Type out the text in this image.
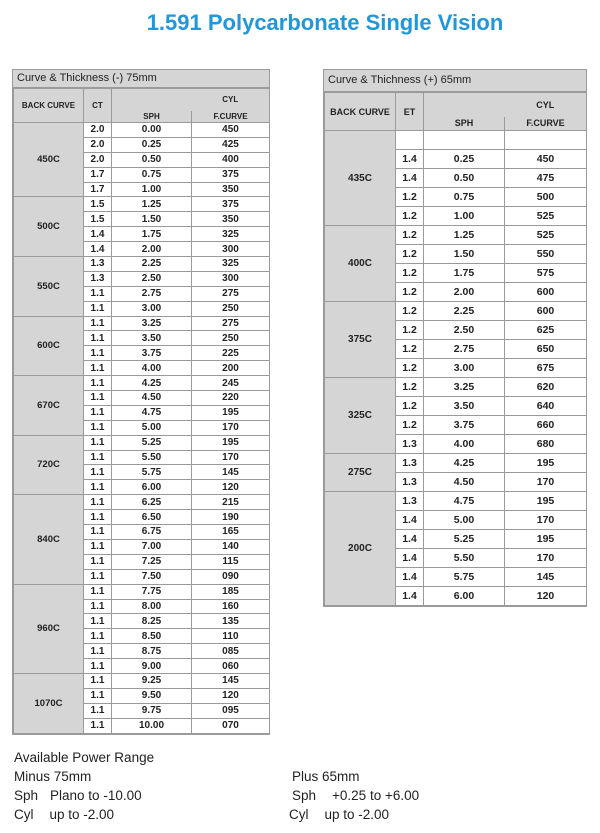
1.591 Polycarbonate Single Vision
Curve & Thickness (-) 75mm
BACK CURVE	CT		CYL
		SPH	F.CURVE
450C	2.0	0.00	450
	2.0	0.25	425
	2.0	0.50	400
	1.7	0.75	375
	1.7	1.00	350
500C	1.5	1.25	375
	1.5	1.50	350
	1.4	1.75	325
	1.4	2.00	300
550C	1.3	2.25	325
	1.3	2.50	300
	1.1	2.75	275
	1.1	3.00	250
600C	1.1	3.25	275
	1.1	3.50	250
	1.1	3.75	225
	1.1	4.00	200
670C	1.1	4.25	245
	1.1	4.50	220
	1.1	4.75	195
	1.1	5.00	170
720C	1.1	5.25	195
	1.1	5.50	170
	1.1	5.75	145
	1.1	6.00	120
840C	1.1	6.25	215
	1.1	6.50	190
	1.1	6.75	165
	1.1	7.00	140
	1.1	7.25	115
	1.1	7.50	090
960C	1.1	7.75	185
	1.1	8.00	160
	1.1	8.25	135
	1.1	8.50	110
	1.1	8.75	085
	1.1	9.00	060
1070C	1.1	9.25	145
	1.1	9.50	120
	1.1	9.75	095
	1.1	10.00	070
Curve & Thichness (+) 65mm
BACK CURVE	ET		CYL
		SPH	F.CURVE
435C			
	1.4	0.25	450
	1.4	0.50	475
	1.2	0.75	500
	1.2	1.00	525
400C	1.2	1.25	525
	1.2	1.50	550
	1.2	1.75	575
	1.2	2.00	600
375C	1.2	2.25	600
	1.2	2.50	625
	1.2	2.75	650
	1.2	3.00	675
325C	1.2	3.25	620
	1.2	3.50	640
	1.2	3.75	660
	1.3	4.00	680
275C	1.3	4.25	195
	1.3	4.50	170
200C	1.3	4.75	195
	1.4	5.00	170
	1.4	5.25	195
	1.4	5.50	170
	1.4	5.75	145
	1.4	6.00	120
Available Power Range
Minus 75mm	Plus 65mm
Sph Plano to -10.00	Sph +0.25 to +6.00
Cyl up to -2.00	Cyl up to -2.00
